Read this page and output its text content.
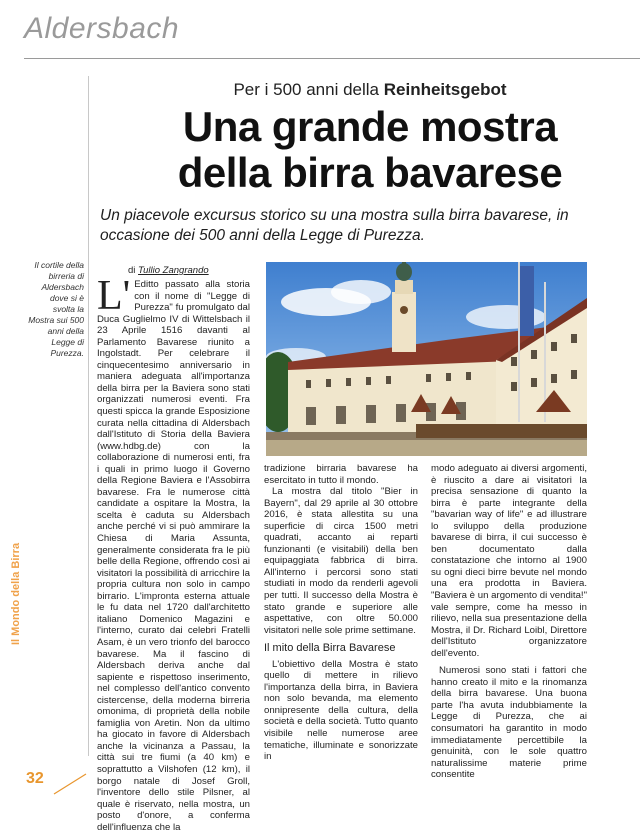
Aldersbach
Per i 500 anni della Reinheitsgebot
Una grande mostra
della birra bavarese
Un piacevole excursus storico su una mostra sulla birra bavarese, in occasione dei 500 anni della Legge di Purezza.
Il cortile della birreria di Aldersbach dove si è svolta la Mostra sui 500 anni della Legge di Purezza.
di Tullio Zangrando

L' Editto passato alla storia con il nome di "Legge di Purezza" fu promulgato dal Duca Guglielmo IV di Wittelsbach il 23 Aprile 1516 davanti al Parlamento Bavarese riunito a Ingolstadt. Per celebrare il cinquecentesimo anniversario in maniera adeguata all'importanza della birra per la Baviera sono stati organizzati numerosi eventi. Fra questi spicca la grande Esposizione curata nella cittadina di Aldersbach dall'Istituto di Storia della Baviera (www.hdbg.de) con la collaborazione di numerosi enti, fra i quali in primo luogo il Governo della Regione Baviera e l'Assobirra bavarese. Fra le numerose città candidate a ospitare la Mostra, la scelta è caduta su Aldersbach anche perché vi si può ammirare la Chiesa di Maria Assunta, generalmente considerata fra le più belle della Regione, offrendo così ai visitatori la possibilità di arricchire la propria cultura non solo in campo birrario. L'impronta esterna attuale le fu data nel 1720 dall'architetto italiano Domenico Magazini e l'interno, curato dai celebri Fratelli Asam, è un vero trionfo del barocco bavarese. Ma il fascino di Aldersbach deriva anche dal sapiente e rispettoso inserimento, nel complesso dell'antico convento cistercense, della moderna birreria omonima, di proprietà della nobile famiglia von Aretin. Non da ultimo ha giocato in favore di Aldersbach anche la vicinanza a Passau, la città sui tre fiumi (a 40 km) e soprattutto a Vilshofen (12 km), il borgo natale di Josef Groll, l'inventore dello stile Pilsner, al quale è riservato, nella mostra, un posto d'onore, a conferma dell'influenza che la

tradizione birraria bavarese ha esercitato in tutto il mondo.

La mostra dal titolo "Bier in Bayern", dal 29 aprile al 30 ottobre 2016, è stata allestita su una superficie di circa 1500 metri quadrati, accanto ai reparti funzionanti (e visitabili) della ben equipaggiata fabbrica di birra. All'interno i percorsi sono stati studiati in modo da renderli agevoli per tutti. Il successo della Mostra è stato grande e superiore alle aspettative, con oltre 50.000 visitatori nelle sole prime settimane.

Il mito della Birra Bavarese

L'obiettivo della Mostra è stato quello di mettere in rilievo l'importanza della birra, in Baviera non solo bevanda, ma elemento onnipresente della cultura, della società e della società. Tutto quanto visibile nelle numerose aree tematiche, illuminate e sonorizzate in

modo adeguato ai diversi argomenti, è riuscito a dare ai visitatori la precisa sensazione di quanto la birra è parte integrante della "bavarian way of life" e ad illustrare lo sviluppo della produzione bavarese di birra, il cui successo è ben documentato dalla constatazione che intorno al 1900 su ogni dieci birre bevute nel mondo una era prodotta in Baviera. "Baviera è un argomento di vendita!" vale sempre, come ha messo in rilievo, nella sua presentazione della Mostra, il Dr. Richard Loibl, Direttore dell'Istituto organizzatore dell'evento.

Numerosi sono stati i fattori che hanno creato il mito e la rinomanza della birra bavarese. Una buona parte l'ha avuta indubbiamente la Legge di Purezza, che ai consumatori ha garantito in modo immediatamente percettibile la genuinità, con le sole quattro naturalissime materie prime consentite

Il Mondo della Birra
32
